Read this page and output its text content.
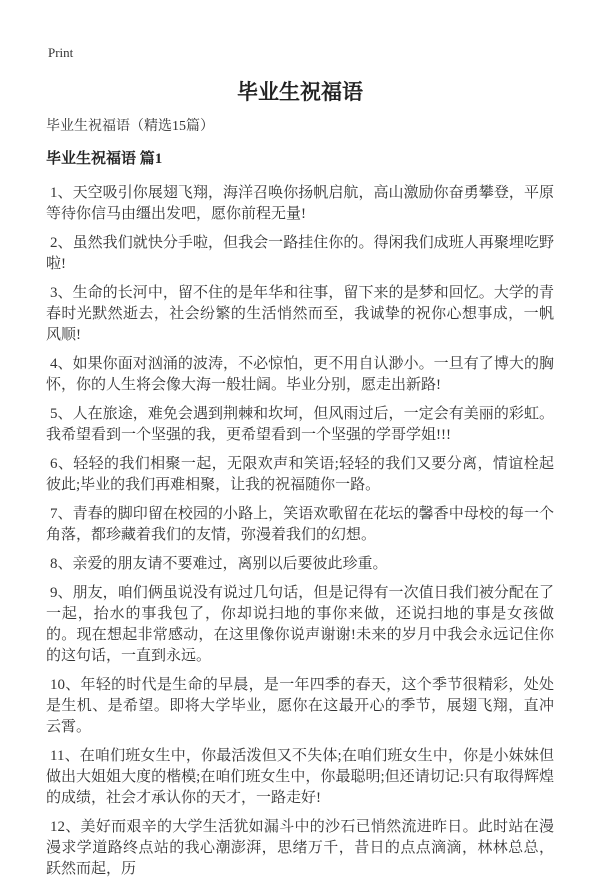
Print
毕业生祝福语
毕业生祝福语（精选15篇）
毕业生祝福语 篇1

1、天空吸引你展翅飞翔，海洋召唤你扬帆启航，高山激励你奋勇攀登，平原等待你信马由缰出发吧，愿你前程无量!

2、虽然我们就快分手啦，但我会一路挂住你的。得闲我们成班人再聚埋吃野啦!

3、生命的长河中，留不住的是年华和往事，留下来的是梦和回忆。大学的青春时光默然逝去，社会纷繁的生活悄然而至，我诚挚的祝你心想事成，一帆风顺!

4、如果你面对汹涌的波涛，不必惊怕，更不用自认渺小。一旦有了博大的胸怀，你的人生将会像大海一般壮阔。毕业分别，愿走出新路!

5、人在旅途，难免会遇到荆棘和坎坷，但风雨过后，一定会有美丽的彩虹。我希望看到一个坚强的我，更希望看到一个坚强的学哥学姐!!!

6、轻轻的我们相聚一起，无限欢声和笑语;轻轻的我们又要分离，情谊栓起彼此;毕业的我们再难相聚，让我的祝福随你一路。

7、青春的脚印留在校园的小路上，笑语欢歌留在花坛的馨香中母校的每一个角落，都珍藏着我们的友情，弥漫着我们的幻想。

8、亲爱的朋友请不要难过，离别以后要彼此珍重。

9、朋友，咱们俩虽说没有说过几句话，但是记得有一次值日我们被分配在了一起，抬水的事我包了，你却说扫地的事你来做，还说扫地的事是女孩做的。现在想起非常感动，在这里像你说声谢谢!未来的岁月中我会永远记住你的这句话，一直到永远。

10、年轻的时代是生命的早晨，是一年四季的春天，这个季节很精彩，处处是生机、是希望。即将大学毕业，愿你在这最开心的季节，展翅飞翔，直冲云霄。

11、在咱们班女生中，你最活泼但又不失体;在咱们班女生中，你是小妹妹但做出大姐姐大度的楷模;在咱们班女生中，你最聪明;但还请切记:只有取得辉煌的成绩，社会才承认你的天才，一路走好!

12、美好而艰辛的大学生活犹如漏斗中的沙石已悄然流进昨日。此时站在漫漫求学道路终点站的我心潮澎湃，思绪万千，昔日的点点滴滴，林林总总，跃然而起，历
